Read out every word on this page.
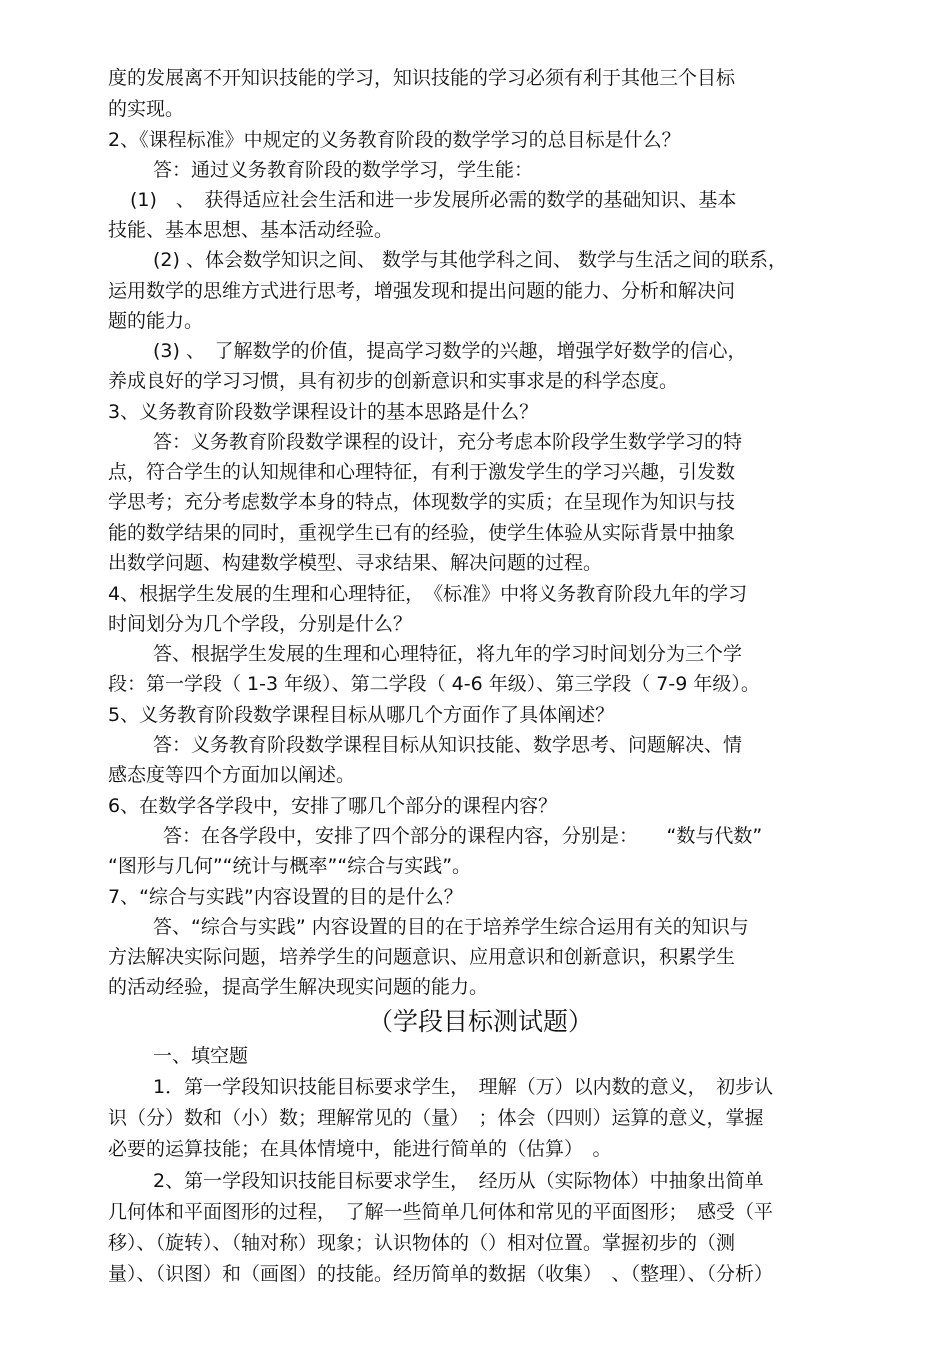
度的发展离不开知识技能的学习，知识技能的学习必须有利于其他三个目标
的实现。
2、《课程标准》中规定的义务教育阶段的数学学习的总目标是什么？
答：通过义务教育阶段的数学学习，学生能：
(1)　、　获得适应社会生活和进一步发展所必需的数学的基础知识、基本
技能、基本思想、基本活动经验。
(2) 、体会数学知识之间、 数学与其他学科之间、 数学与生活之间的联系，
运用数学的思维方式进行思考，增强发现和提出问题的能力、分析和解决问
题的能力。
(3) 、　了解数学的价值，提高学习数学的兴趣，增强学好数学的信心，
养成良好的学习习惯，具有初步的创新意识和实事求是的科学态度。
3、义务教育阶段数学课程设计的基本思路是什么？
答：义务教育阶段数学课程的设计，充分考虑本阶段学生数学学习的特
点，符合学生的认知规律和心理特征，有利于激发学生的学习兴趣，引发数
学思考；充分考虑数学本身的特点，体现数学的实质；在呈现作为知识与技
能的数学结果的同时，重视学生已有的经验，使学生体验从实际背景中抽象
出数学问题、构建数学模型、寻求结果、解决问题的过程。
4、根据学生发展的生理和心理特征，　《标准》中将义务教育阶段九年的学习
时间划分为几个学段，分别是什么？
答、根据学生发展的生理和心理特征，将九年的学习时间划分为三个学
段：第一学段（ 1-3 年级）、第二学段（ 4-6 年级）、第三学段（ 7-9 年级）。
5、义务教育阶段数学课程目标从哪几个方面作了具体阐述？
答：义务教育阶段数学课程目标从知识技能、数学思考、问题解决、情
感态度等四个方面加以阐述。
6、在数学各学段中，安排了哪几个部分的课程内容？
答：在各学段中，安排了四个部分的课程内容，分别是：　　“数与代数”
“图形与几何”“统计与概率”“综合与实践”。
7、“综合与实践”内容设置的目的是什么？
答、“综合与实践” 内容设置的目的在于培养学生综合运用有关的知识与
方法解决实际问题，培养学生的问题意识、应用意识和创新意识，积累学生
的活动经验，提高学生解决现实问题的能力。
（学段目标测试题）
一、填空题
1．第一学段知识技能目标要求学生，　理解（万）以内数的意义，　初步认
识（分）数和（小）数；理解常见的（量）　；体会（四则）运算的意义，掌握
必要的运算技能；在具体情境中，能进行简单的（估算）　。
2、第一学段知识技能目标要求学生，　经历从（实际物体）中抽象出简单
几何体和平面图形的过程，　了解一些简单几何体和常见的平面图形；　感受（平
移）、（旋转）、（轴对称）现象；认识物体的（）相对位置。掌握初步的（测
量）、（识图）和（画图）的技能。经历简单的数据（收集）　、（整理）、（分析）
